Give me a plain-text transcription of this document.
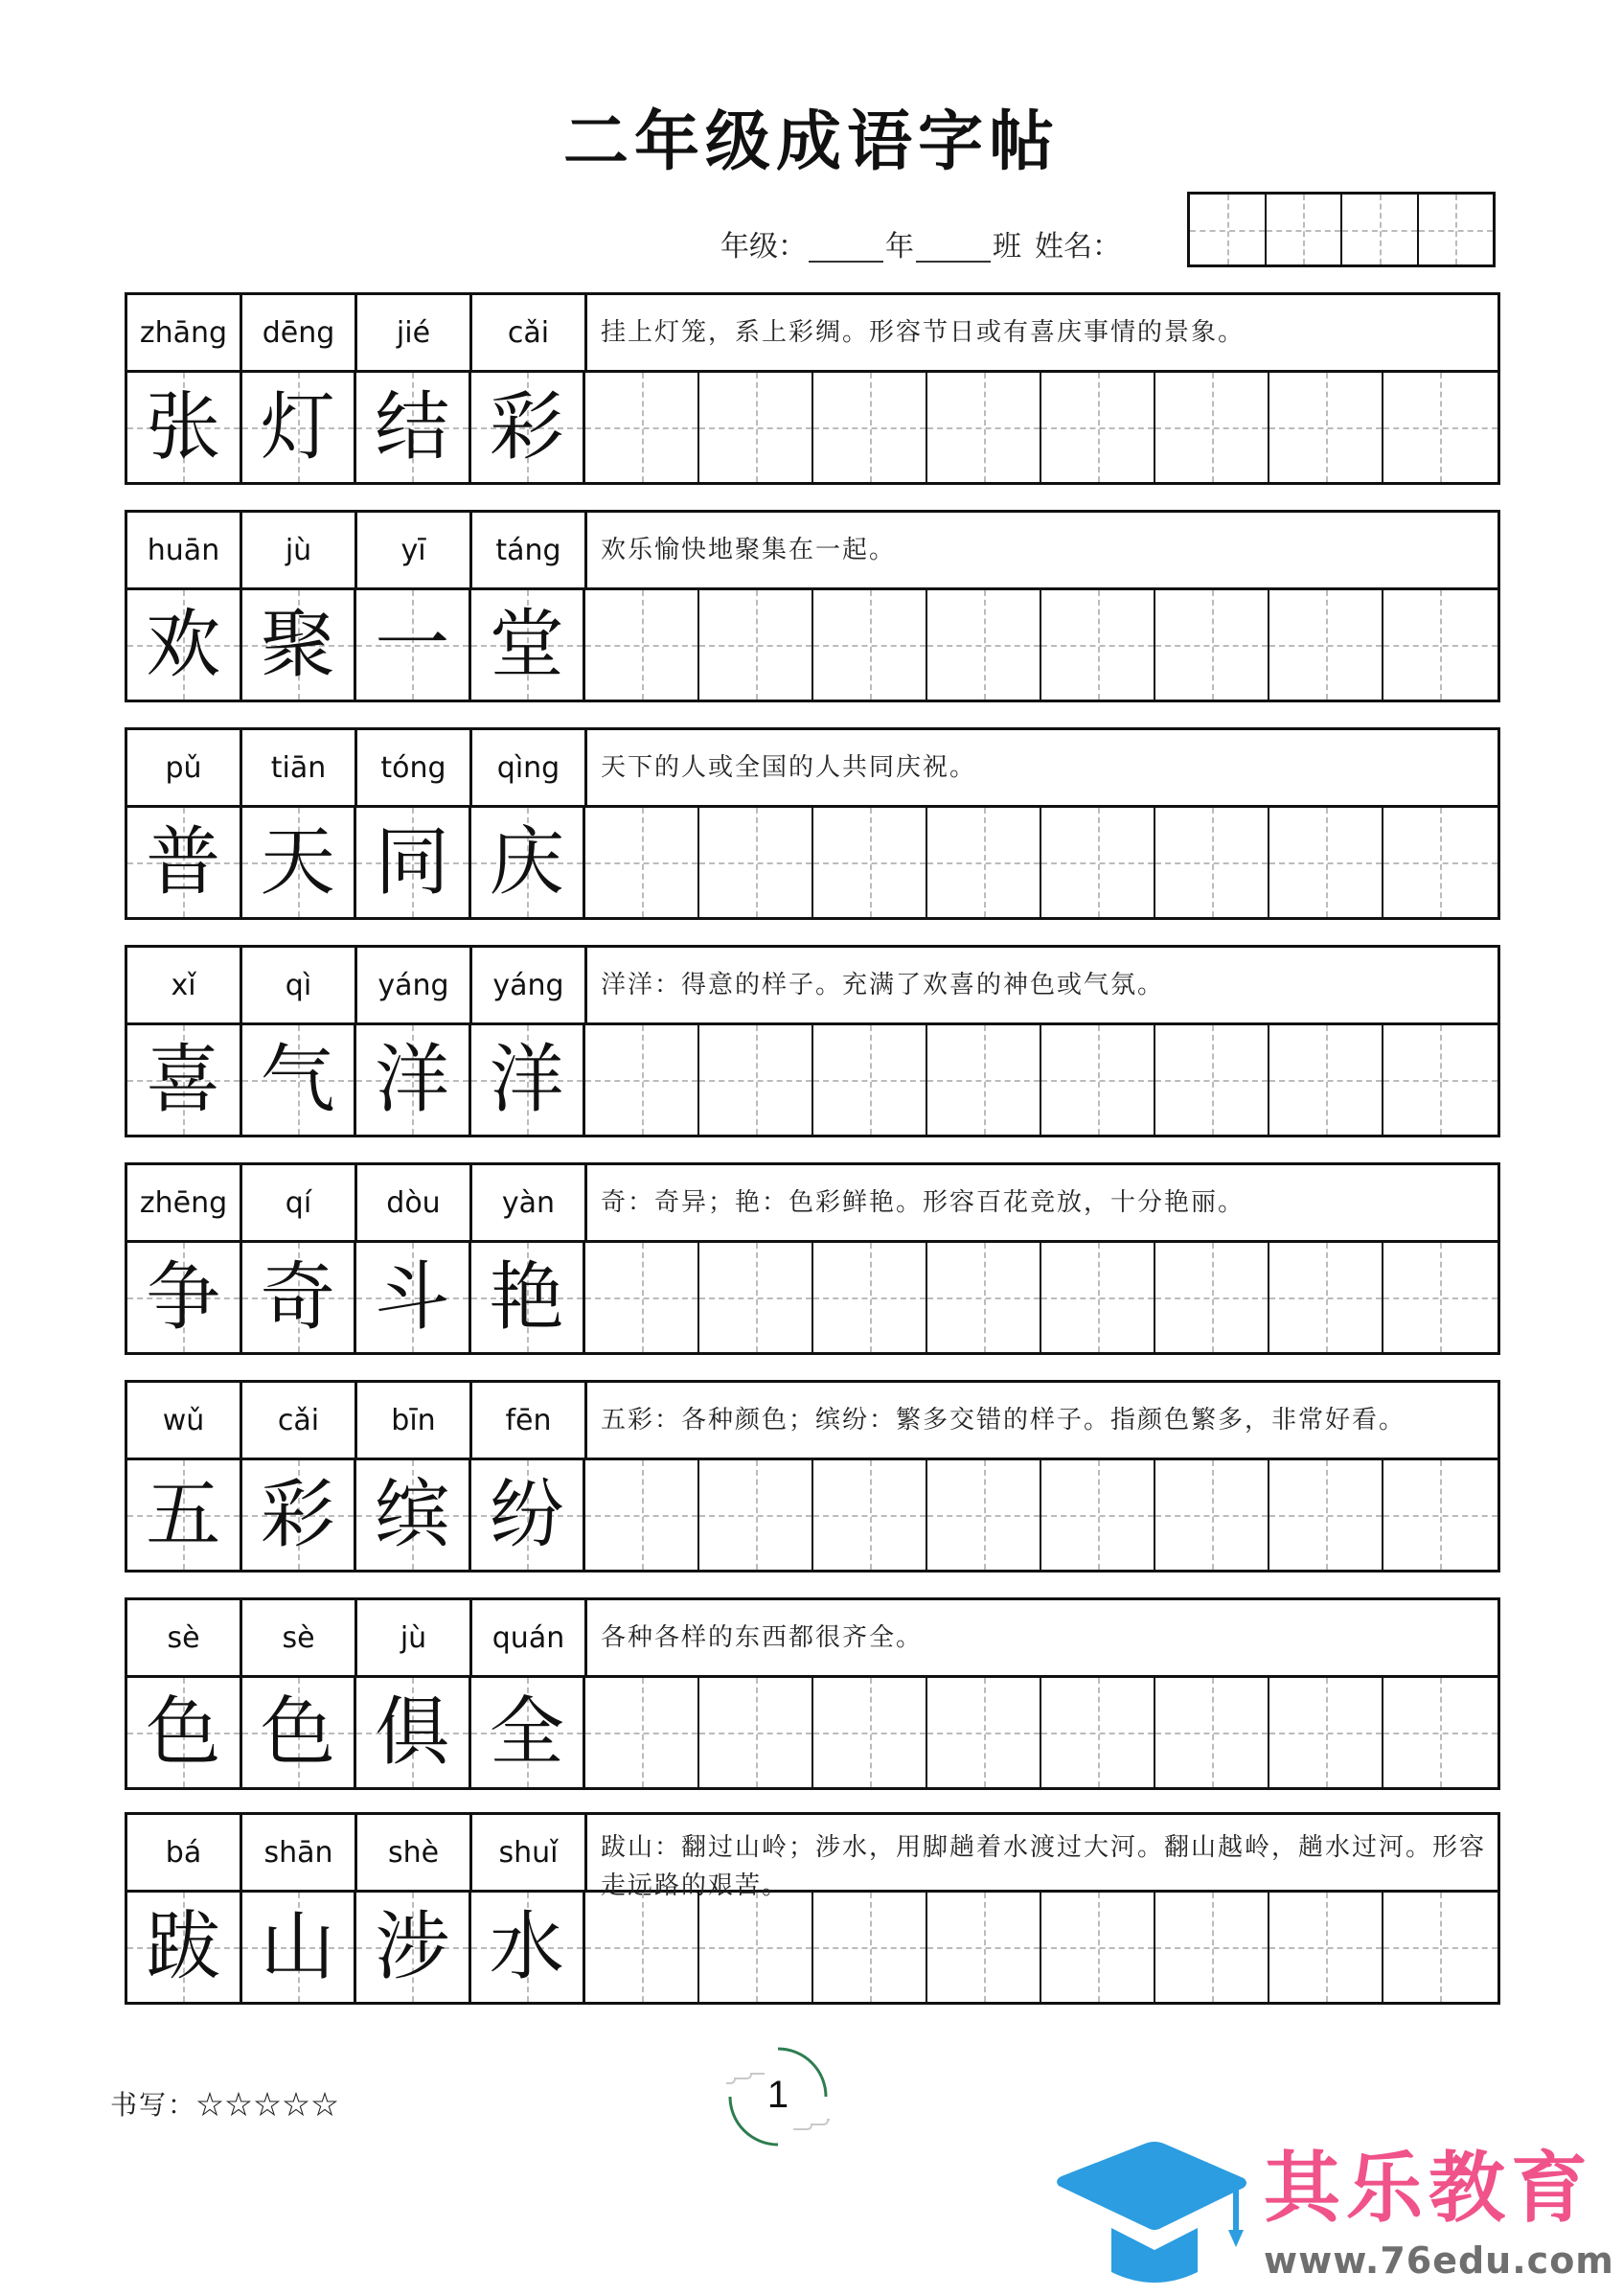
二年级成语字帖
年级：	年	班 姓名：
zhāng	dēng	jié	cǎi	挂上灯笼，系上彩绸。形容节日或有喜庆事情的景象。
张 灯 结 彩
huān	jù	yī	táng	欢乐愉快地聚集在一起。
欢 聚 一 堂
pǔ	tiān	tóng	qìng	天下的人或全国的人共同庆祝。
普 天 同 庆
xǐ	qì	yáng	yáng	洋洋：得意的样子。充满了欢喜的神色或气氛。
喜 气 洋 洋
zhēng	qí	dòu	yàn	奇：奇异；艳：色彩鲜艳。形容百花竞放，十分艳丽。
争 奇 斗 艳
wǔ	cǎi	bīn	fēn	五彩：各种颜色；缤纷：繁多交错的样子。指颜色繁多，非常好看。
五 彩 缤 纷
sè	sè	jù	quán	各种各样的东西都很齐全。
色 色 俱 全
bá	shān	shè	shuǐ	跋山：翻过山岭；涉水，用脚趟着水渡过大河。翻山越岭，趟水过河。形容走远路的艰苦。
跋 山 涉 水
书写：☆☆☆☆☆	1
其乐教育
www.76edu.com
